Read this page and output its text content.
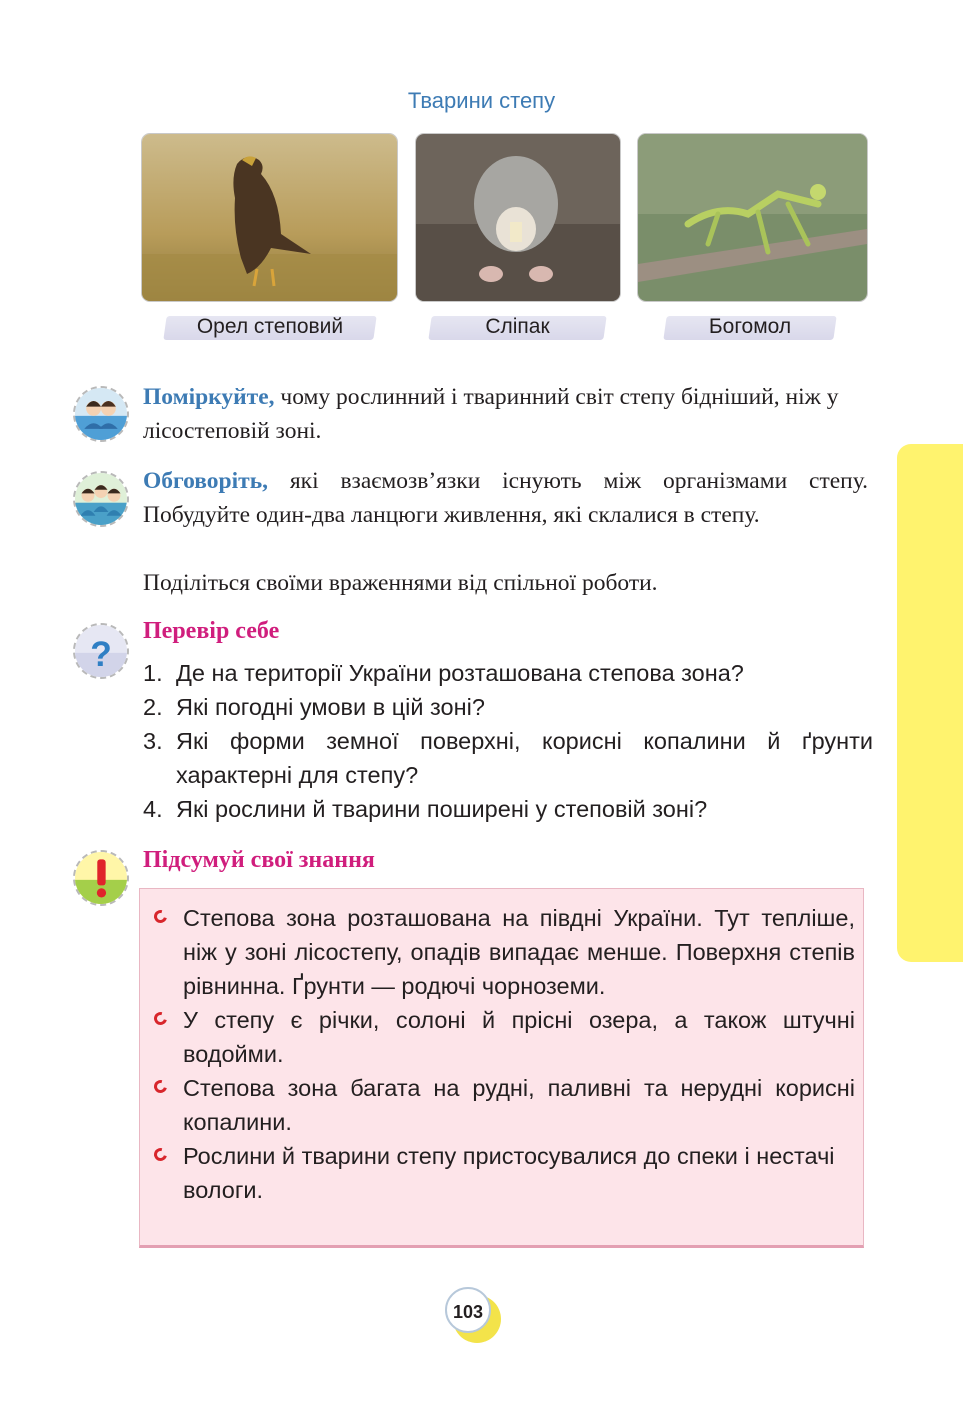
Тварини степу
Орел степовий	Сліпак	Богомол
Поміркуйте, чому рослинний і тваринний світ степу бідніший, ніж у лісостеповій зоні.
Обговоріть, які взаємозв’язки існують між організмами степу. Побудуйте один-два ланцюги живлення, які склалися в степу.
Поділіться своїми враженнями від спільної роботи.
?
Перевір себе
1. Де на території України розташована степова зона?
2. Які погодні умови в цій зоні?
3. Які форми земної поверхні, корисні копалини й ґрунти характерні для степу?
4. Які рослини й тварини поширені у степовій зоні?
Підсумуй свої знання
Степова зона розташована на півдні України. Тут тепліше, ніж у зоні лісостепу, опадів випадає менше. Поверхня степів рівнинна. Ґрунти — родючі чорноземи.
У степу є річки, солоні й прісні озера, а також штучні водойми.
Степова зона багата на рудні, паливні та нерудні корисні копалини.
Рослини й тварини степу пристосувалися до спеки і нестачі вологи.
103
